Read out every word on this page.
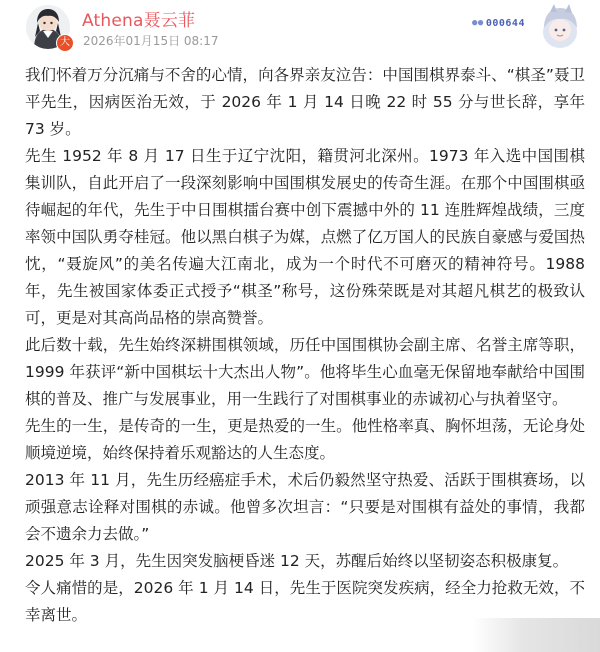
大
Athena聂云菲
2026年01月15日 08:17
●● 000644

我们怀着万分沉痛与不舍的心情，向各界亲友泣告：中国围棋界泰斗、“棋圣”聂卫平先生，因病医治无效，于 2026 年 1 月 14 日晚 22 时 55 分与世长辞，享年 73 岁。

先生 1952 年 8 月 17 日生于辽宁沈阳，籍贯河北深州。1973 年入选中国围棋集训队，自此开启了一段深刻影响中国围棋发展史的传奇生涯。在那个中国围棋亟待崛起的年代，先生于中日围棋擂台赛中创下震撼中外的 11 连胜辉煌战绩，三度率领中国队勇夺桂冠。他以黑白棋子为媒，点燃了亿万国人的民族自豪感与爱国热忱，“聂旋风”的美名传遍大江南北，成为一个时代不可磨灭的精神符号。1988 年，先生被国家体委正式授予“棋圣”称号，这份殊荣既是对其超凡棋艺的极致认可，更是对其高尚品格的崇高赞誉。

此后数十载，先生始终深耕围棋领域，历任中国围棋协会副主席、名誉主席等职，1999 年获评“新中国棋坛十大杰出人物”。他将毕生心血毫无保留地奉献给中国围棋的普及、推广与发展事业，用一生践行了对围棋事业的赤诚初心与执着坚守。

先生的一生，是传奇的一生，更是热爱的一生。他性格率真、胸怀坦荡，无论身处顺境逆境，始终保持着乐观豁达的人生态度。

2013 年 11 月，先生历经癌症手术，术后仍毅然坚守热爱、活跃于围棋赛场，以顽强意志诠释对围棋的赤诚。他曾多次坦言：“只要是对围棋有益处的事情，我都会不遗余力去做。”

2025 年 3 月，先生因突发脑梗昏迷 12 天，苏醒后始终以坚韧姿态积极康复。

令人痛惜的是，2026 年 1 月 14 日，先生于医院突发疾病，经全力抢救无效，不幸离世。
